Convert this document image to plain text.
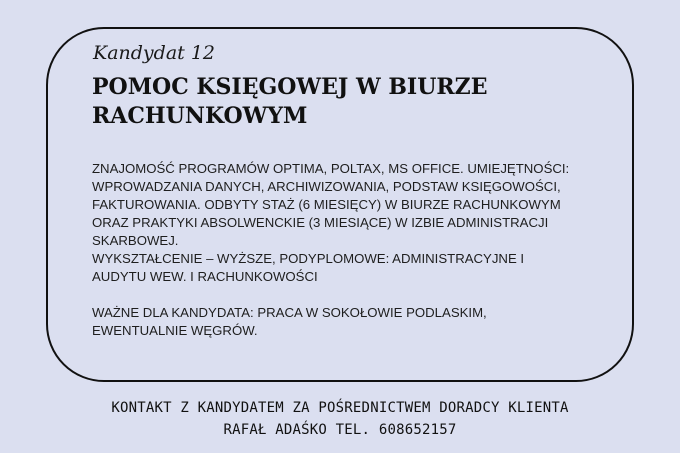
Kandydat 12
POMOC KSIĘGOWEJ W BIURZE
RACHUNKOWYM
ZNAJOMOŚĆ PROGRAMÓW OPTIMA, POLTAX, MS OFFICE. UMIEJĘTNOŚCI:
WPROWADZANIA DANYCH, ARCHIWIZOWANIA, PODSTAW KSIĘGOWOŚCI,
FAKTUROWANIA. ODBYTY STAŻ (6 MIESIĘCY) W BIURZE RACHUNKOWYM
ORAZ PRAKTYKI ABSOLWENCKIE (3 MIESIĄCE) W IZBIE ADMINISTRACJI
SKARBOWEJ.
WYKSZTAŁCENIE – WYŻSZE, PODYPLOMOWE: ADMINISTRACYJNE I
AUDYTU WEW. I RACHUNKOWOŚCI
WAŻNE DLA KANDYDATA: PRACA W SOKOŁOWIE PODLASKIM,
EWENTUALNIE WĘGRÓW.
KONTAKT Z KANDYDATEM ZA POŚREDNICTWEM DORADCY KLIENTA
RAFAŁ ADAŚKO TEL. 608652157
